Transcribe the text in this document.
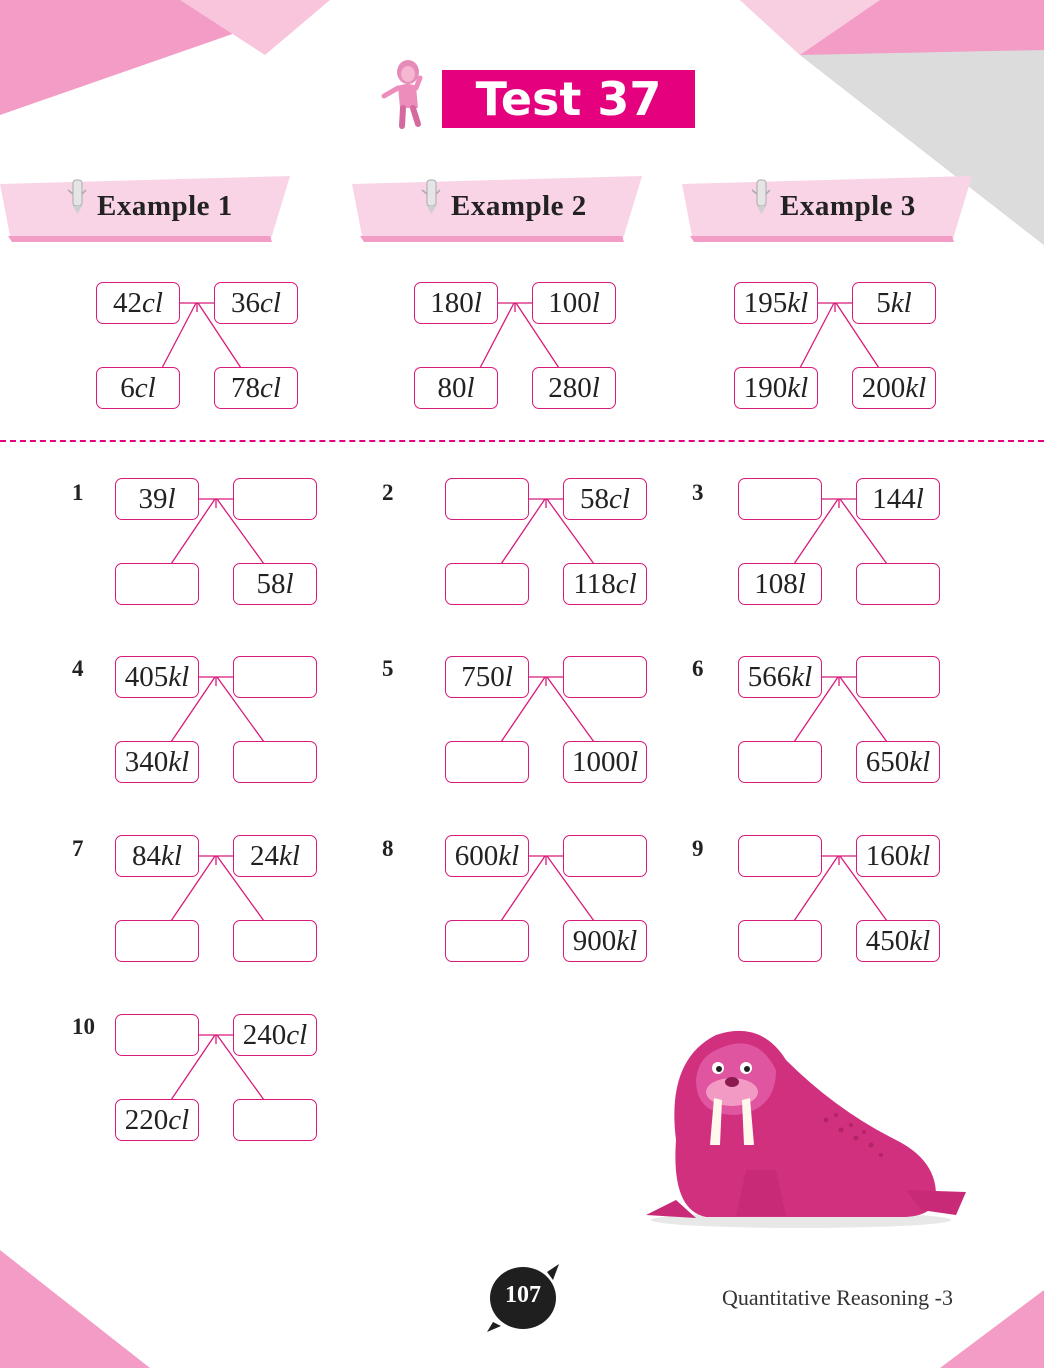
Test 37
Example 1	Example 2	Example 3
42cl	36cl
6cl	78cl
180l	100l
80l	280l
195kl	5kl
190kl	200kl
1	2	3
4	5	6
7	8	9
10
39l
58l
58cl
118cl
144l
108l
405kl
340kl
750l
1000l
566kl
650kl
84kl	24kl	600kl
900kl
160kl
450kl
240cl
220cl
107	Quantitative Reasoning -3
